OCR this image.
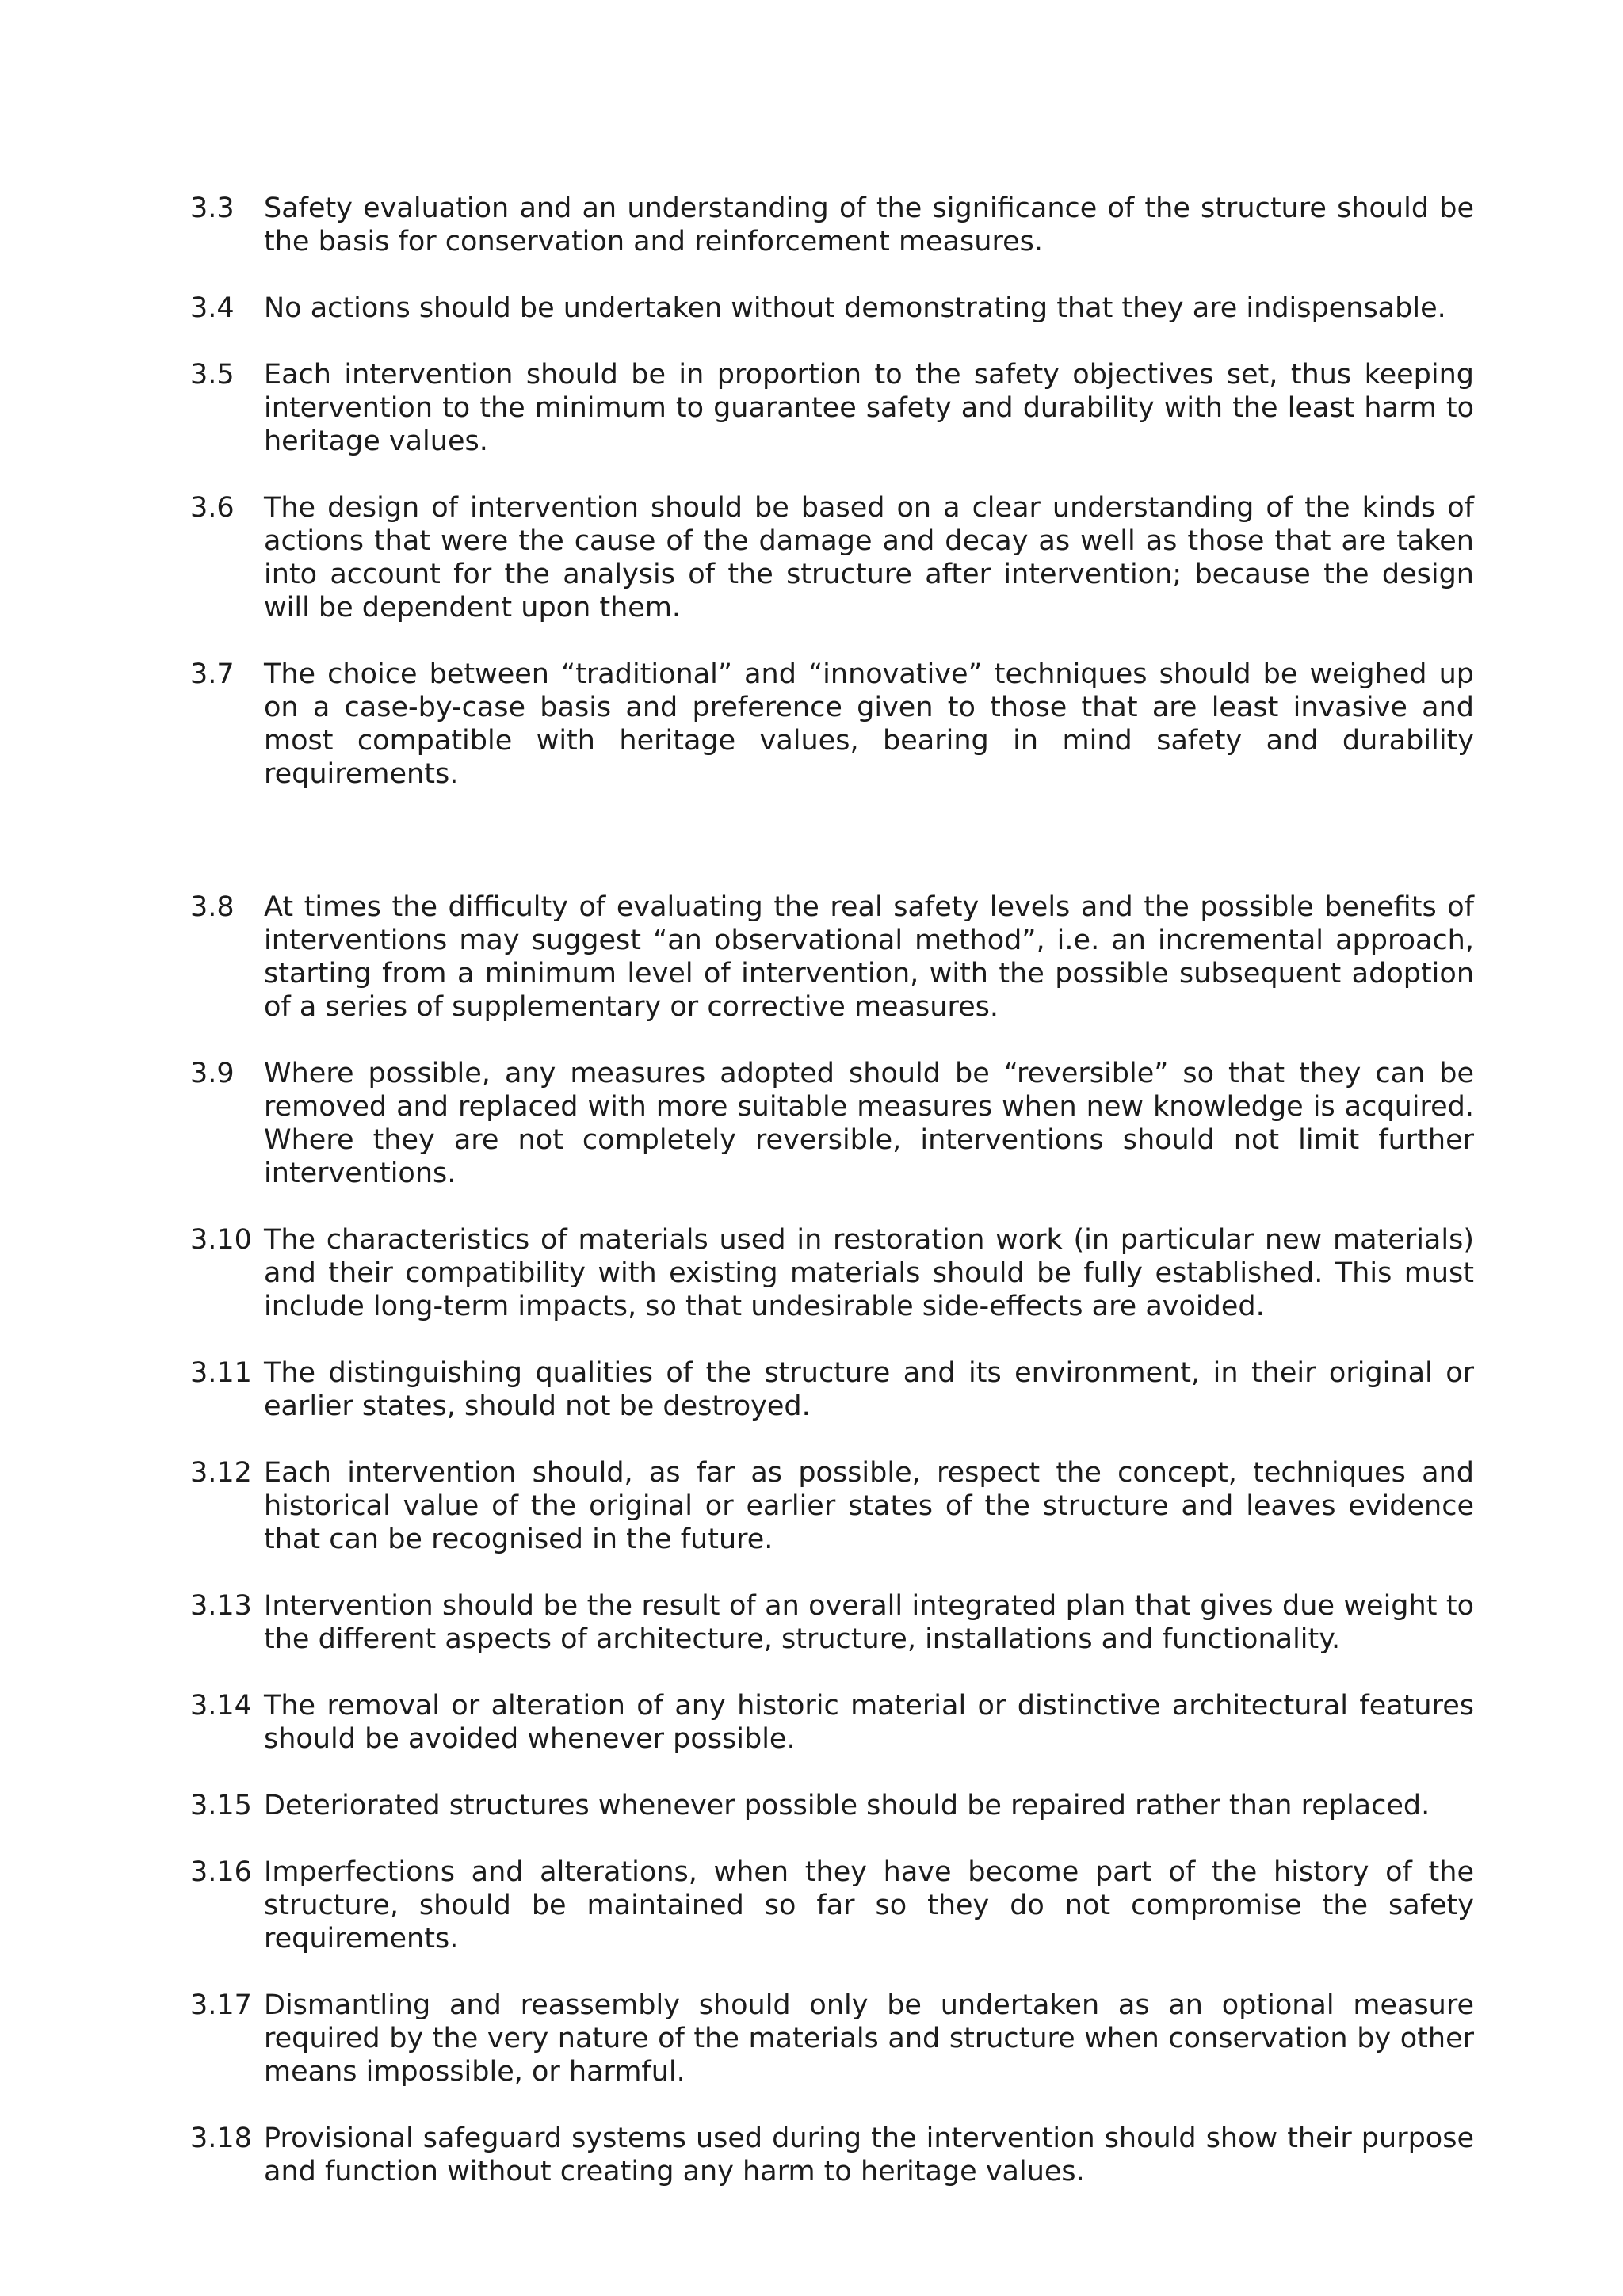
3.3	Safety evaluation and an understanding of the significance of the structure should be the basis for conservation and reinforcement measures.
3.4	No actions should be undertaken without demonstrating that they are indispensable.
3.5	Each intervention should be in proportion to the safety objectives set, thus keeping intervention to the minimum to guarantee safety and durability with the least harm to heritage values.
3.6	The design of intervention should be based on a clear understanding of the kinds of actions that were the cause of the damage and decay as well as those that are taken into account for the analysis of the structure after intervention; because the design will be dependent upon them.
3.7	The choice between “traditional” and “innovative” techniques should be weighed up on a case-by-case basis and preference given to those that are least invasive and most compatible with heritage values, bearing in mind safety and durability requirements.
3.8	At times the difficulty of evaluating the real safety levels and the possible benefits of interventions may suggest “an observational method”, i.e. an incremental approach, starting from a minimum level of intervention, with the possible subsequent adoption of a series of supplementary or corrective measures.
3.9	Where possible, any measures adopted should be “reversible” so that they can be removed and replaced with more suitable measures when new knowledge is acquired. Where they are not completely reversible, interventions should not limit further interventions.
3.10 The characteristics of materials used in restoration work (in particular new materials) and their compatibility with existing materials should be fully established. This must include long-term impacts, so that undesirable side-effects are avoided.
3.11 The distinguishing qualities of the structure and its environment, in their original or earlier states, should not be destroyed.
3.12 Each intervention should, as far as possible, respect the concept, techniques and historical value of the original or earlier states of the structure and leaves evidence that can be recognised in the future.
3.13 Intervention should be the result of an overall integrated plan that gives due weight to the different aspects of architecture, structure, installations and functionality.
3.14 The removal or alteration of any historic material or distinctive architectural features should be avoided whenever possible.
3.15 Deteriorated structures whenever possible should be repaired rather than replaced.
3.16 Imperfections and alterations, when they have become part of the history of the structure, should be maintained so far so they do not compromise the safety requirements.
3.17 Dismantling and reassembly should only be undertaken as an optional measure required by the very nature of the materials and structure when conservation by other means impossible, or harmful.
3.18 Provisional safeguard systems used during the intervention should show their purpose and function without creating any harm to heritage values.
